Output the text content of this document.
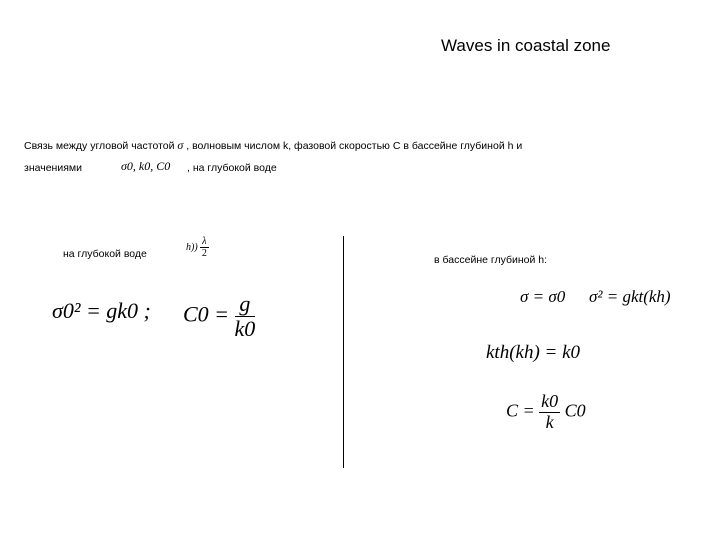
Waves in coastal zone
Связь между угловой частотой σ , волновым числом k, фазовой скоростью C в бассейне глубиной h и
значениями	σ0, k0, C0 , на глубокой воде
на глубокой воде
$h)) \frac{\lambda}{2}$
σ0² = gk0 ; $C0 = \frac{g}{k0}$
в бассейне глубиной h:
σ = σ0 σ² = gkt(kh)
kth(kh) = k0
$C = \frac{k0}{k} C0$
